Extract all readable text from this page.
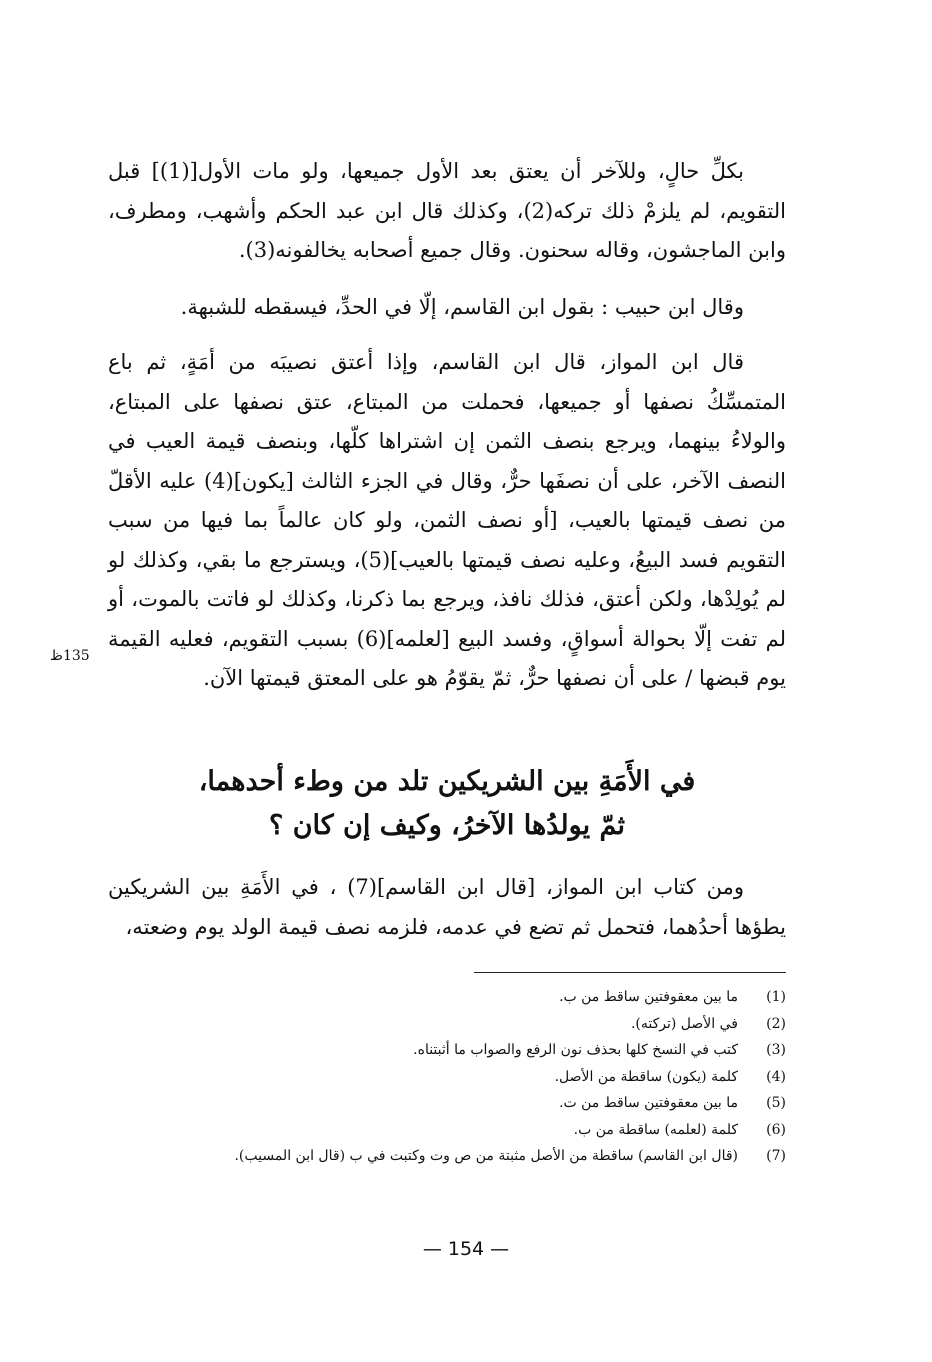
بكلِّ حالٍ، وللآخر أن يعتق بعد الأول جميعها، ولو مات الأول[(1)] قبل التقويم، لم يلزمْ ذلك تركه(2)، وكذلك قال ابن عبد الحكم وأشهب، ومطرف، وابن الماجشون، وقاله سحنون. وقال جميع أصحابه يخالفونه(3).

وقال ابن حبيب : بقول ابن القاسم، إلّا في الحدِّ، فيسقطه للشبهة.

قال ابن المواز، قال ابن القاسم، وإذا أعتق نصيبَه من أمَةٍ، ثم باع المتمسِّكُ نصفها أو جميعها، فحملت من المبتاع، عتق نصفها على المبتاع، والولاءُ بينهما، ويرجع بنصف الثمن إن اشتراها كلّها، وبنصف قيمة العيب في النصف الآخر، على أن نصفَها حرٌّ، وقال في الجزء الثالث [يكون](4) عليه الأقلّ من نصف قيمتها بالعيب، [أو نصف الثمن، ولو كان عالماً بما فيها من سبب التقويم فسد البيعُ، وعليه نصف قيمتها بالعيب](5)، ويسترجع ما بقي، وكذلك لو لم يُولِدْها، ولكن أعتق، فذلك نافذ، ويرجع بما ذكرنا، وكذلك لو فاتت بالموت، أو لم تفت إلّا بحوالة أسواقٍ، وفسد البيع [لعلمه](6) بسبب التقويم، فعليه القيمة يوم قبضها / على أن نصفها حرٌّ، ثمّ يقوّمُ هو على المعتق قيمتها الآن.

135ظ
في الأَمَةِ بين الشريكين تلد من وطء أحدهما،
ثمّ يولدُها الآخرُ، وكيف إن كان ؟

ومن كتاب ابن المواز، [قال ابن القاسم](7) ، في الأَمَةِ بين الشريكين يطؤها أحدُهما، فتحمل ثم تضع في عدمه، فلزمه نصف قيمة الولد يوم وضعته،

(1)
ما بين معقوفتين ساقط من ب.
(2)
في الأصل (تركته).
(3)
كتب في النسخ كلها بحذف نون الرفع والصواب ما أثبتناه.
(4)
كلمة (يكون) ساقطة من الأصل.
(5)
ما بين معقوفتين ساقط من ت.
(6)
كلمة (لعلمه) ساقطة من ب.
(7)
(قال ابن القاسم) ساقطة من الأصل مثبتة من ص وت وكتبت في ب (قال ابن المسيب).
— 154 —
